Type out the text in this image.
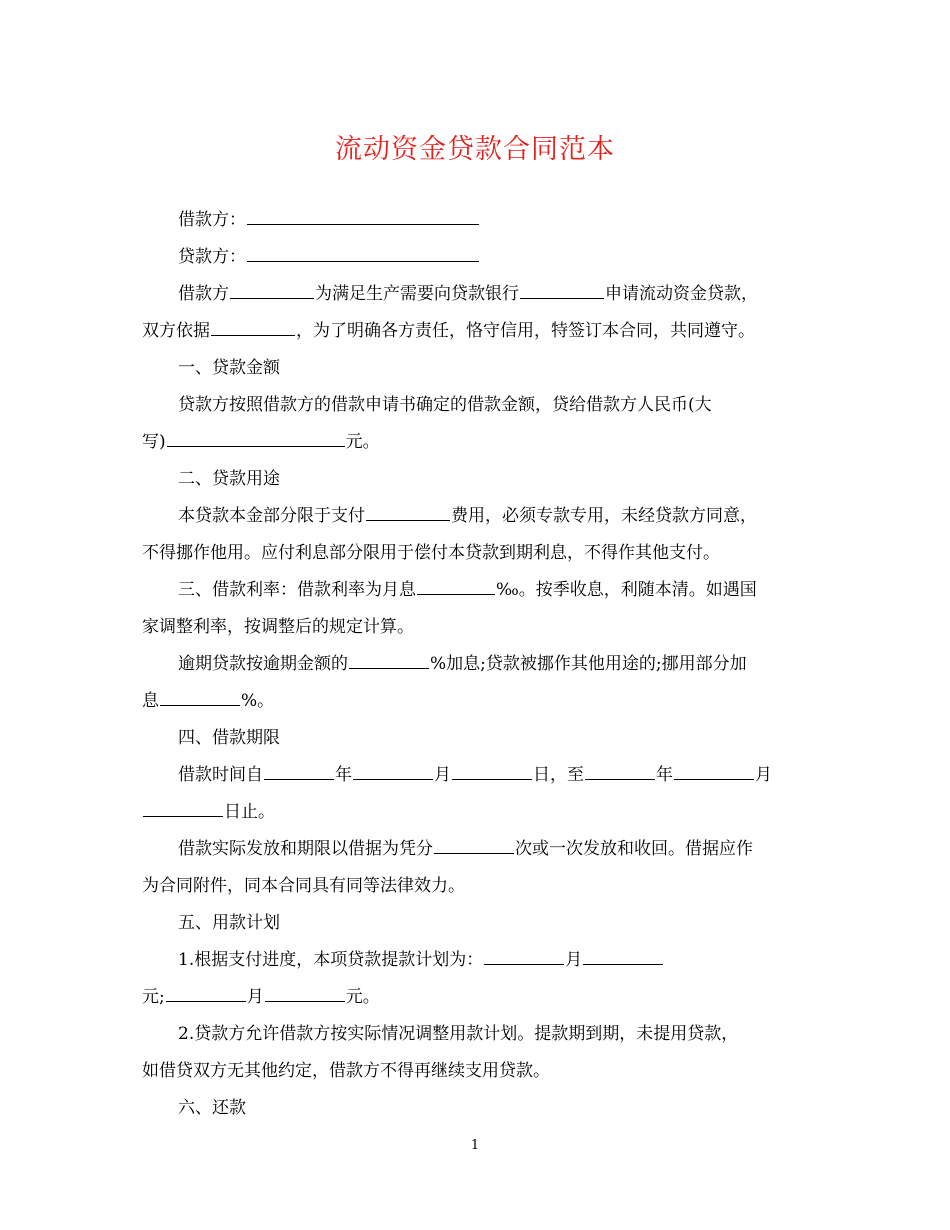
流动资金贷款合同范本
借款方：
贷款方：
借款方	为满足生产需要向贷款银行	申请流动资金贷款，
双方依据	，为了明确各方责任，恪守信用，特签订本合同，共同遵守。
一、贷款金额
贷款方按照借款方的借款申请书确定的借款金额，贷给借款方人民币(大
写)	元。
二、贷款用途
本贷款本金部分限于支付	费用，必须专款专用，未经贷款方同意，
不得挪作他用。应付利息部分限用于偿付本贷款到期利息，不得作其他支付。
三、借款利率：借款利率为月息	‰。按季收息，利随本清。如遇国
家调整利率，按调整后的规定计算。
逾期贷款按逾期金额的	%加息;贷款被挪作其他用途的;挪用部分加
息	%。
四、借款期限
借款时间自	年	月	日，至	年	月
日止。
借款实际发放和期限以借据为凭分	次或一次发放和收回。借据应作
为合同附件，同本合同具有同等法律效力。
五、用款计划
1.根据支付进度，本项贷款提款计划为：	月
元;	月	元。
2.贷款方允许借款方按实际情况调整用款计划。提款期到期，未提用贷款，
如借贷双方无其他约定，借款方不得再继续支用贷款。
六、还款
1
